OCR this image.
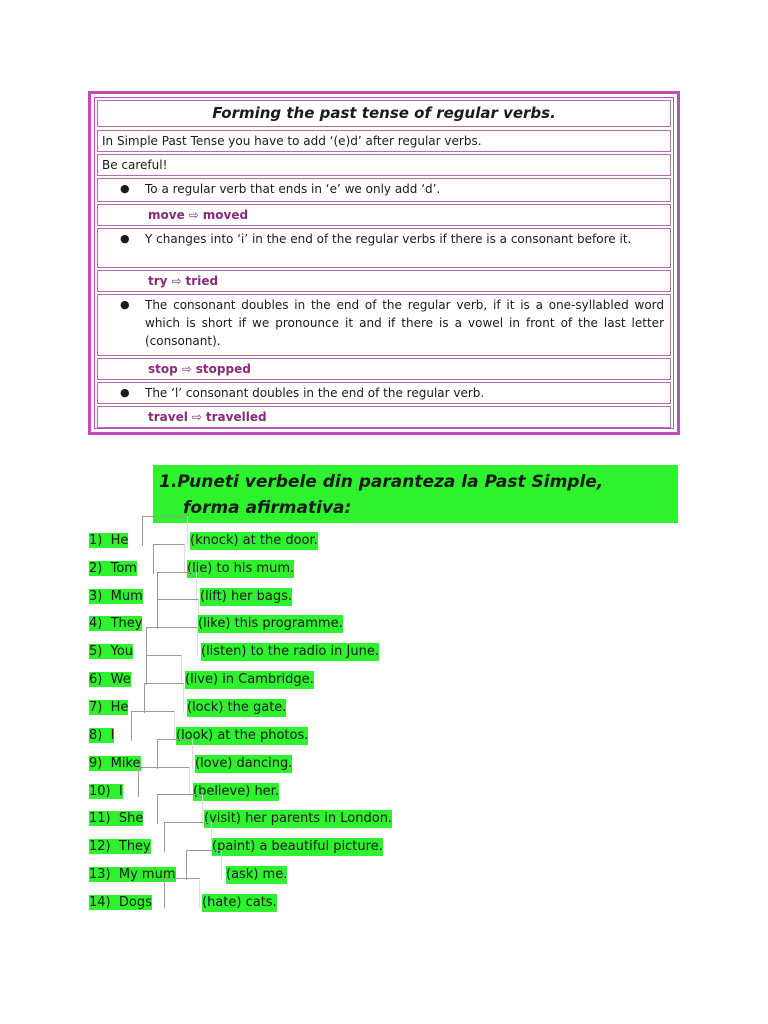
Forming the past tense of regular verbs.
In Simple Past Tense you have to add ‘(e)d’ after regular verbs.
Be careful!
● To a regular verb that ends in ‘e’ we only add ‘d’.
move ⇨ moved
● Y changes into ‘i’ in the end of the regular verbs if there is a consonant before it.
try ⇨ tried
● The consonant doubles in the end of the regular verb, if it is a one-syllabled word which is short if we pronounce it and if there is a vowel in front of the last letter (consonant).
stop ⇨ stopped
● The ‘l’ consonant doubles in the end of the regular verb.
travel ⇨ travelled
1.Puneti verbele din paranteza la Past Simple,
forma afirmativa:
1)  He	(knock) at the door.
2)  Tom	(lie) to his mum.
3)  Mum	(lift) her bags.
4)  They	(like) this programme.
5)  You	(listen) to the radio in June.
6)  We	(live) in Cambridge.
7)  He	(lock) the gate.
8)  I	(look) at the photos.
9)  Mike	(love) dancing.
10)  I	(believe) her.
11)  She	(visit) her parents in London.
12)  They	(paint) a beautiful picture.
13)  My mum	(ask) me.
14)  Dogs	(hate) cats.
